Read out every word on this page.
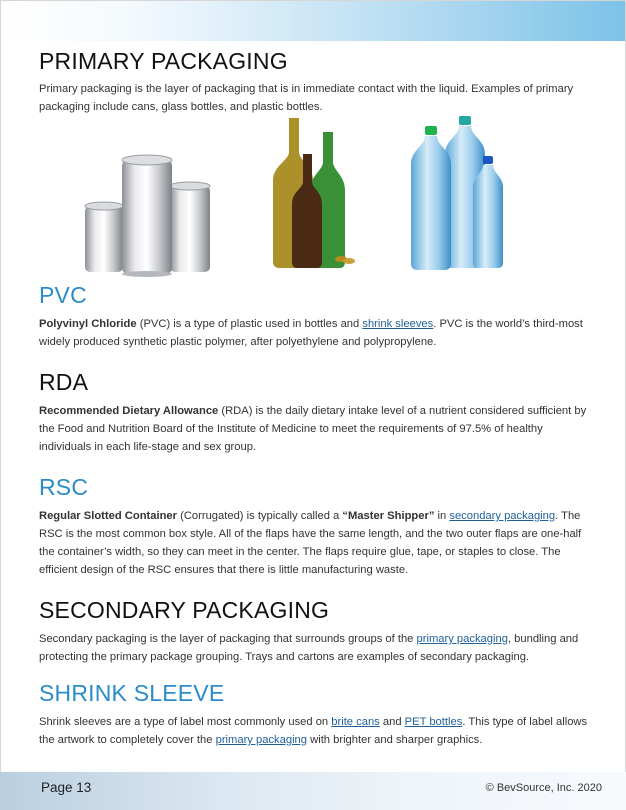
PRIMARY PACKAGING

Primary packaging is the layer of packaging that is in immediate contact with the liquid. Examples of primary packaging include cans, glass bottles, and plastic bottles.

PVC

Polyvinyl Chloride (PVC) is a type of plastic used in bottles and shrink sleeves. PVC is the world’s third-most widely produced synthetic plastic polymer, after polyethylene and polypropylene.

RDA

Recommended Dietary Allowance (RDA) is the daily dietary intake level of a nutrient considered sufficient by the Food and Nutrition Board of the Institute of Medicine to meet the requirements of 97.5% of healthy individuals in each life-stage and sex group.

RSC

Regular Slotted Container (Corrugated) is typically called a “Master Shipper” in secondary packaging. The RSC is the most common box style. All of the flaps have the same length, and the two outer flaps are one-half the container’s width, so they can meet in the center. The flaps require glue, tape, or staples to close. The efficient design of the RSC ensures that there is little manufacturing waste.

SECONDARY PACKAGING

Secondary packaging is the layer of packaging that surrounds groups of the primary packaging, bundling and protecting the primary package grouping. Trays and cartons are examples of secondary packaging.

SHRINK SLEEVE

Shrink sleeves are a type of label most commonly used on brite cans and PET bottles. This type of label allows the artwork to completely cover the primary packaging with brighter and sharper graphics.

Page 13	© BevSource, Inc. 2020
